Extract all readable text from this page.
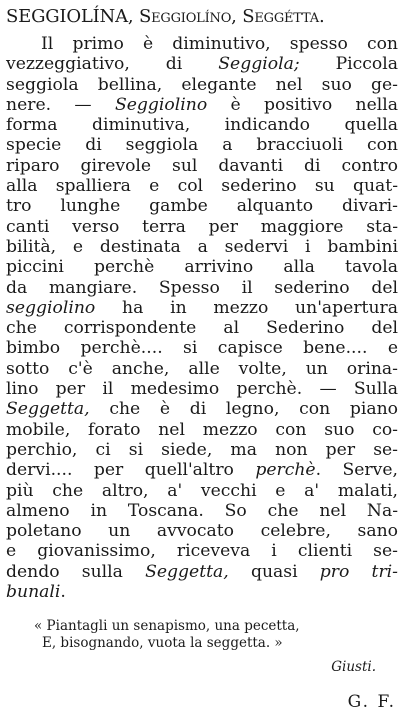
SEGGIOLÍNA, Seggiolíno, Seggétta.
Il primo è diminutivo, spesso con
vezzeggiativo, di Seggiola; Piccola
seggiola bellina, elegante nel suo ge-
nere. — Seggiolino è positivo nella
forma diminutiva, indicando quella
specie di seggiola a bracciuoli con
riparo girevole sul davanti di contro
alla spalliera e col sederino su quat-
tro lunghe gambe alquanto divari-
canti verso terra per maggiore sta-
bilità, e destinata a sedervi i bambini
piccini perchè arrivino alla tavola
da mangiare. Spesso il sederino del
seggiolino ha in mezzo un'apertura
che corrispondente al Sederino del
bimbo perchè.... si capisce bene.... e
sotto c'è anche, alle volte, un orina-
lino per il medesimo perchè. — Sulla
Seggetta, che è di legno, con piano
mobile, forato nel mezzo con suo co-
perchio, ci si siede, ma non per se-
dervi.... per quell'altro perchè. Serve,
più che altro, a' vecchi e a' malati,
almeno in Toscana. So che nel Na-
poletano un avvocato celebre, sano
e giovanissimo, riceveva i clienti se-
dendo sulla Seggetta, quasi pro tri-
bunali.
« Piantagli un senapismo, una pecetta,
E, bisognando, vuota la seggetta. »
Giusti.
G. F.
